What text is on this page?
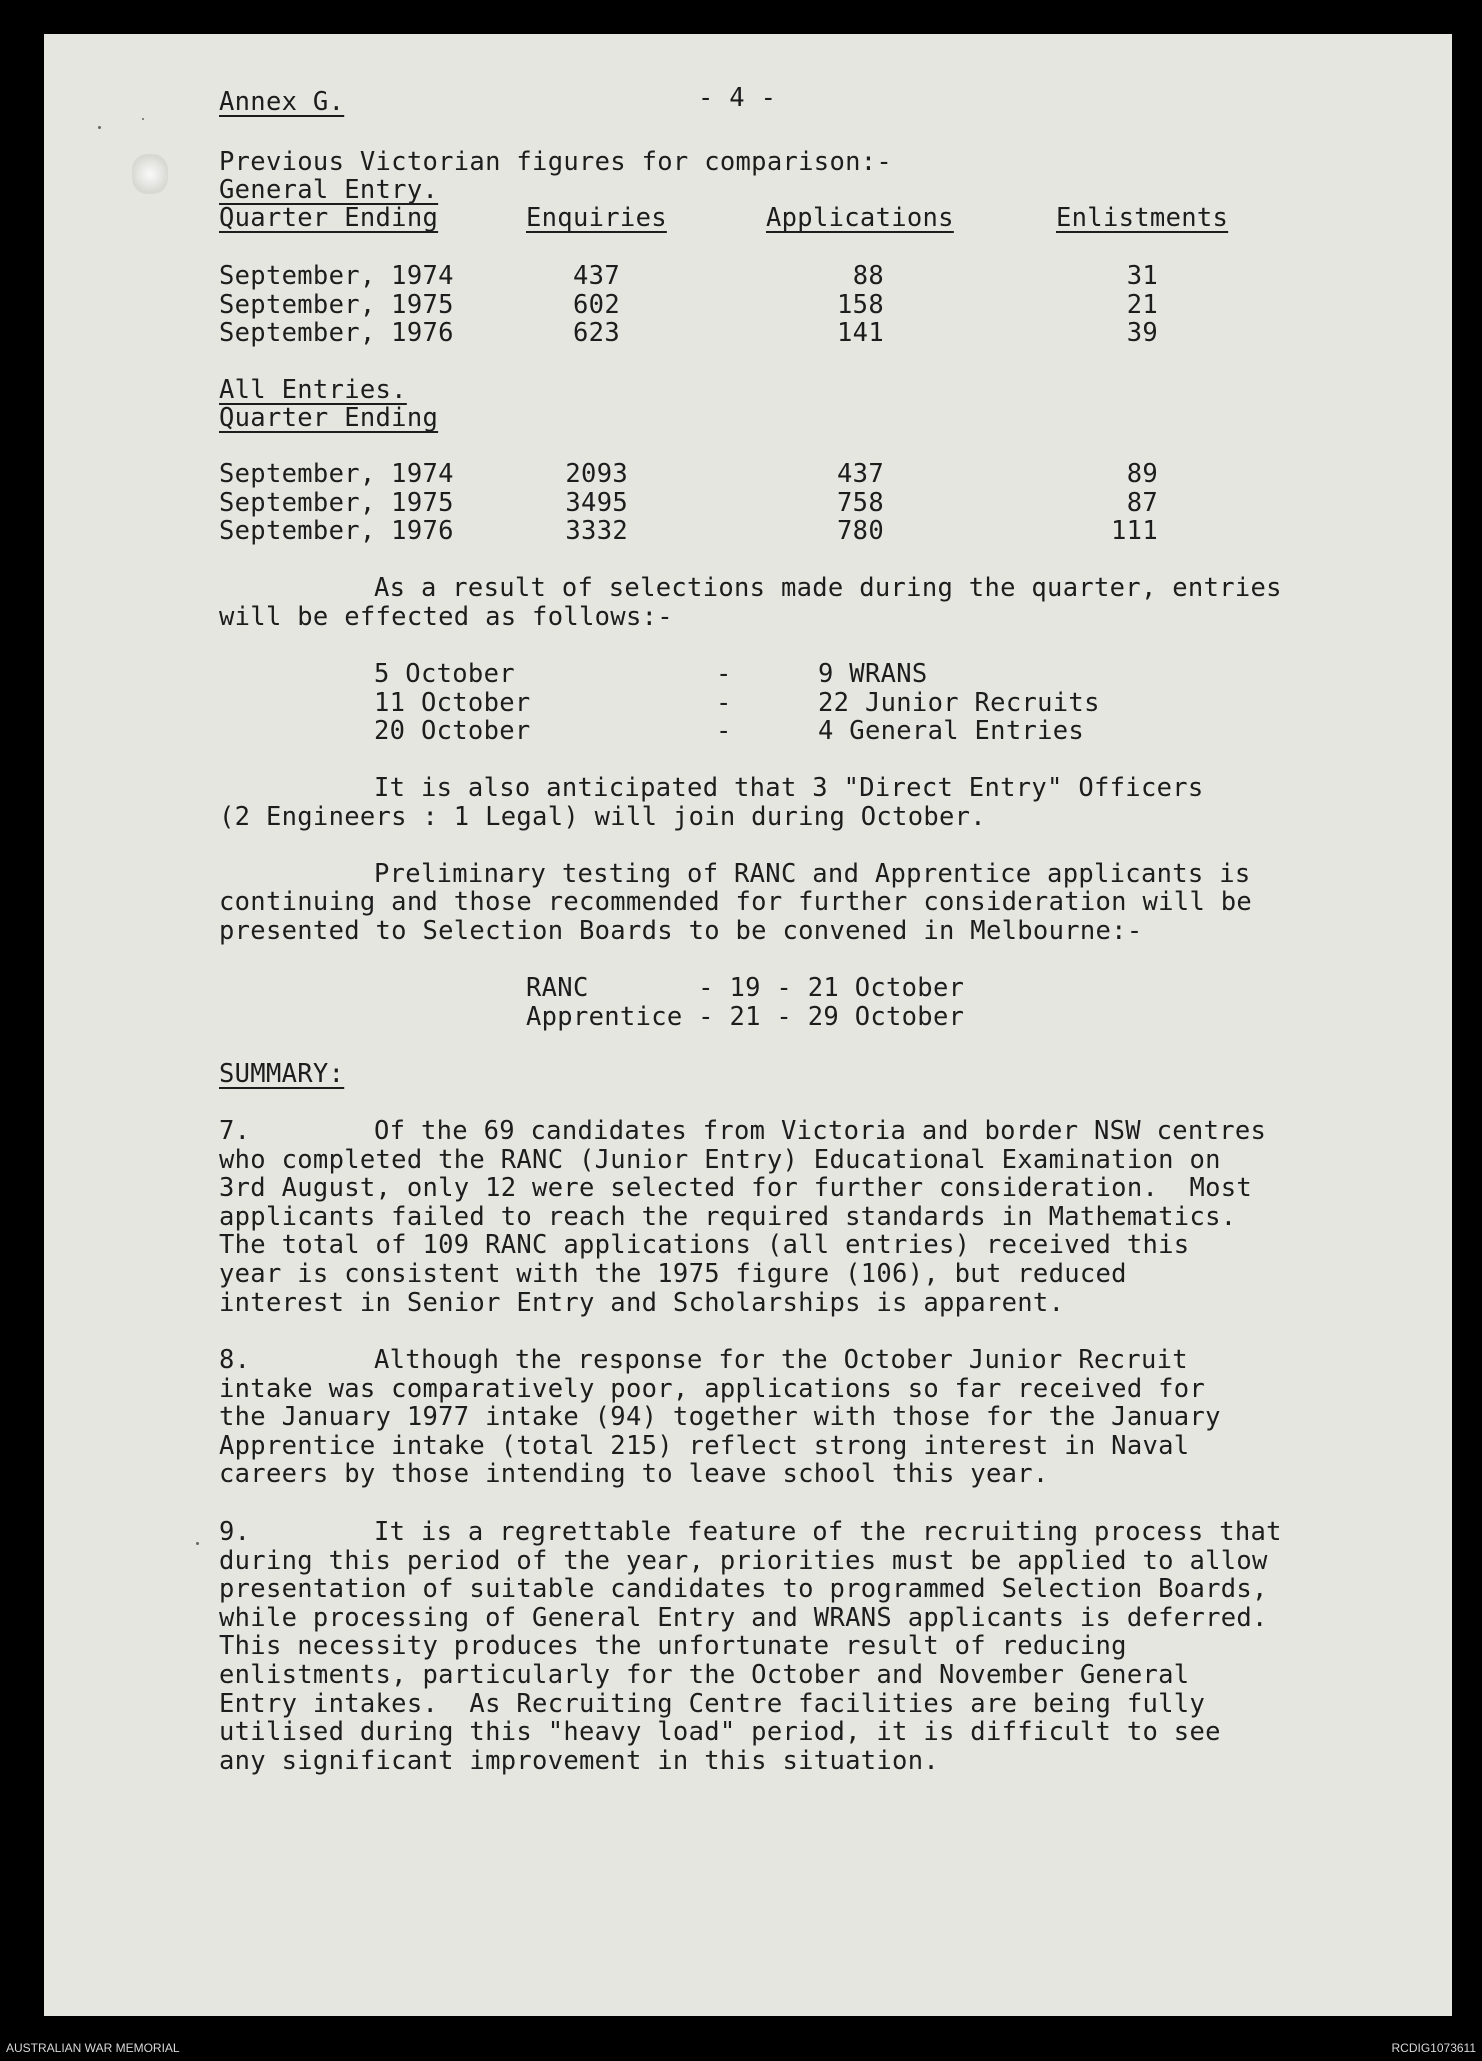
Annex G.	- 4 -
Previous Victorian figures for comparison:-
General Entry.
Quarter Ending	Enquiries	Applications	Enlistments
September, 1974	437	88	31
September, 1975	602	158	21
September, 1976	623	141	39
All Entries.
Quarter Ending
September, 1974	2093	437	89
September, 1975	3495	758	87
September, 1976	3332	780	111
As a result of selections made during the quarter, entries
will be effected as follows:-
5 October	-	9 WRANS
11 October	-	22 Junior Recruits
20 October	-	4 General Entries
It is also anticipated that 3 "Direct Entry" Officers
(2 Engineers : 1 Legal) will join during October.
Preliminary testing of RANC and Apprentice applicants is
continuing and those recommended for further consideration will be
presented to Selection Boards to be convened in Melbourne:-
RANC       - 19 - 21 October
Apprentice - 21 - 29 October
SUMMARY:
7.	Of the 69 candidates from Victoria and border NSW centres
who completed the RANC (Junior Entry) Educational Examination on
3rd August, only 12 were selected for further consideration.  Most
applicants failed to reach the required standards in Mathematics.
The total of 109 RANC applications (all entries) received this
year is consistent with the 1975 figure (106), but reduced
interest in Senior Entry and Scholarships is apparent.
8.	Although the response for the October Junior Recruit
intake was comparatively poor, applications so far received for
the January 1977 intake (94) together with those for the January
Apprentice intake (total 215) reflect strong interest in Naval
careers by those intending to leave school this year.
9.	It is a regrettable feature of the recruiting process that
during this period of the year, priorities must be applied to allow
presentation of suitable candidates to programmed Selection Boards,
while processing of General Entry and WRANS applicants is deferred.
This necessity produces the unfortunate result of reducing
enlistments, particularly for the October and November General
Entry intakes.  As Recruiting Centre facilities are being fully
utilised during this "heavy load" period, it is difficult to see
any significant improvement in this situation.
AUSTRALIAN WAR MEMORIAL	RCDIG1073611
